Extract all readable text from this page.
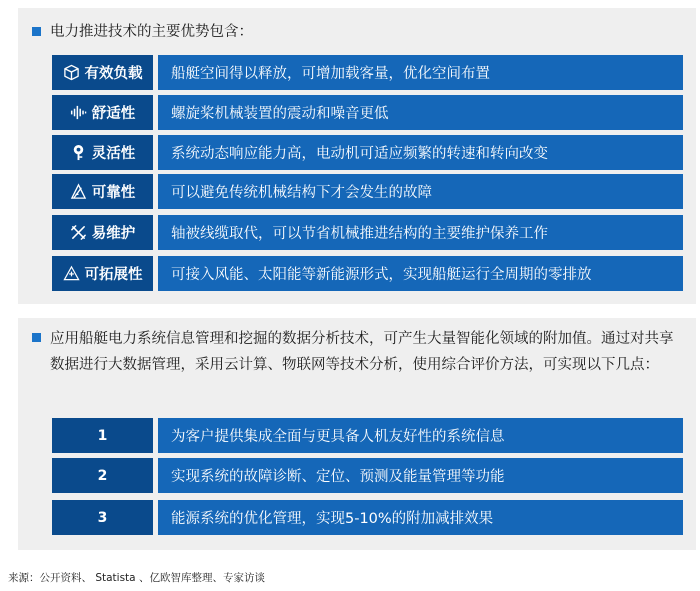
电力推进技术的主要优势包含：
有效负载	船艇空间得以释放，可增加载客量，优化空间布置
舒适性	螺旋桨机械装置的震动和噪音更低
灵活性	系统动态响应能力高，电动机可适应频繁的转速和转向改变
可靠性	可以避免传统机械结构下才会发生的故障
易维护	轴被线缆取代，可以节省机械推进结构的主要维护保养工作
可拓展性	可接入风能、太阳能等新能源形式，实现船艇运行全周期的零排放
应用船艇电力系统信息管理和挖掘的数据分析技术，可产生大量智能化领域的附加值。通过对共享数据进行大数据管理，采用云计算、物联网等技术分析，使用综合评价方法，可实现以下几点：
1	为客户提供集成全面与更具备人机友好性的系统信息
2	实现系统的故障诊断、定位、预测及能量管理等功能
3	能源系统的优化管理，实现5-10%的附加减排效果
来源：公开资料、 Statista 、亿欧智库整理、专家访谈
